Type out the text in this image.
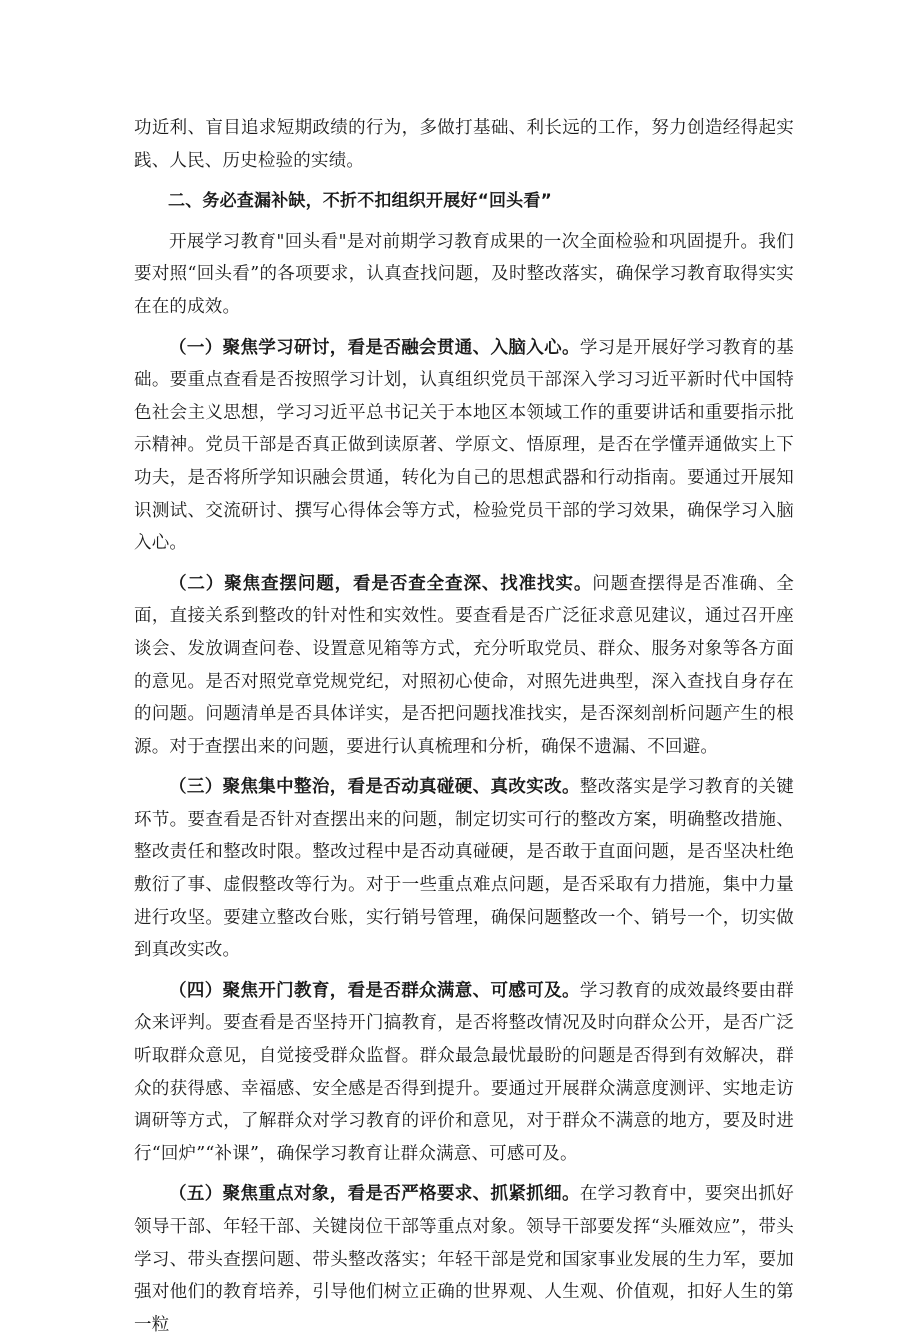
功近利、盲目追求短期政绩的行为，多做打基础、利长远的工作，努力创造经得起实践、人民、历史检验的实绩。

二、务必查漏补缺，不折不扣组织开展好“回头看”

开展学习教育"回头看"是对前期学习教育成果的一次全面检验和巩固提升。我们要对照“回头看”的各项要求，认真查找问题，及时整改落实，确保学习教育取得实实在在的成效。

（一）聚焦学习研讨，看是否融会贯通、入脑入心。学习是开展好学习教育的基础。要重点查看是否按照学习计划，认真组织党员干部深入学习习近平新时代中国特色社会主义思想，学习习近平总书记关于本地区本领域工作的重要讲话和重要指示批示精神。党员干部是否真正做到读原著、学原文、悟原理，是否在学懂弄通做实上下功夫，是否将所学知识融会贯通，转化为自己的思想武器和行动指南。要通过开展知识测试、交流研讨、撰写心得体会等方式，检验党员干部的学习效果，确保学习入脑入心。

（二）聚焦查摆问题，看是否查全查深、找准找实。问题查摆得是否准确、全面，直接关系到整改的针对性和实效性。要查看是否广泛征求意见建议，通过召开座谈会、发放调查问卷、设置意见箱等方式，充分听取党员、群众、服务对象等各方面的意见。是否对照党章党规党纪，对照初心使命，对照先进典型，深入查找自身存在的问题。问题清单是否具体详实，是否把问题找准找实，是否深刻剖析问题产生的根源。对于查摆出来的问题，要进行认真梳理和分析，确保不遗漏、不回避。

（三）聚焦集中整治，看是否动真碰硬、真改实改。整改落实是学习教育的关键环节。要查看是否针对查摆出来的问题，制定切实可行的整改方案，明确整改措施、整改责任和整改时限。整改过程中是否动真碰硬，是否敢于直面问题，是否坚决杜绝敷衍了事、虚假整改等行为。对于一些重点难点问题，是否采取有力措施，集中力量进行攻坚。要建立整改台账，实行销号管理，确保问题整改一个、销号一个，切实做到真改实改。

（四）聚焦开门教育，看是否群众满意、可感可及。学习教育的成效最终要由群众来评判。要查看是否坚持开门搞教育，是否将整改情况及时向群众公开，是否广泛听取群众意见，自觉接受群众监督。群众最急最忧最盼的问题是否得到有效解决，群众的获得感、幸福感、安全感是否得到提升。要通过开展群众满意度测评、实地走访调研等方式，了解群众对学习教育的评价和意见，对于群众不满意的地方，要及时进行“回炉”“补课”，确保学习教育让群众满意、可感可及。

（五）聚焦重点对象，看是否严格要求、抓紧抓细。在学习教育中，要突出抓好领导干部、年轻干部、关键岗位干部等重点对象。领导干部要发挥“头雁效应”，带头学习、带头查摆问题、带头整改落实；年轻干部是党和国家事业发展的生力军，要加强对他们的教育培养，引导他们树立正确的世界观、人生观、价值观，扣好人生的第一粒
